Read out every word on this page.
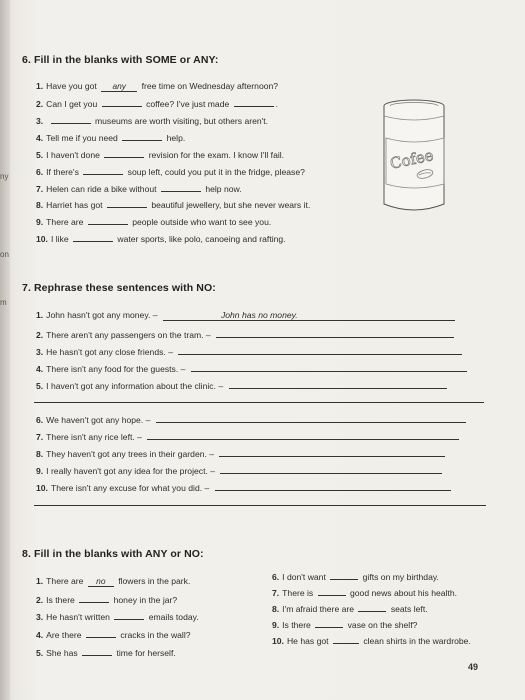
ny
on
m
6. Fill in the blanks with SOME or ANY:
1. Have you got any free time on Wednesday afternoon?
2. Can I get you	coffee? I've just made	.
3.	museums are worth visiting, but others aren't.
4. Tell me if you need	help.
5. I haven't done	revision for the exam. I know I'll fail.
6. If there's	soup left, could you put it in the fridge, please?
7. Helen can ride a bike without	help now.
8. Harriet has got	beautiful jewellery, but she never wears it.
9. There are	people outside who want to see you.
10. I like	water sports, like polo, canoeing and rafting.
Cofee
7. Rephrase these sentences with NO:
1. John hasn't got any money. –	John has no money.
2. There aren't any passengers on the tram. –
3. He hasn't got any close friends. –
4. There isn't any food for the guests. –
5. I haven't got any information about the clinic. –
6. We haven't got any hope. –
7. There isn't any rice left. –
8. They haven't got any trees in their garden. –
9. I really haven't got any idea for the project. –
10. There isn't any excuse for what you did. –
8. Fill in the blanks with ANY or NO:
1. There are no flowers in the park.
2. Is there	honey in the jar?
3. He hasn't written	emails today.
4. Are there	cracks in the wall?
5. She has	time for herself.
6. I don't want	gifts on my birthday.
7. There is	good news about his health.
8. I'm afraid there are	seats left.
9. Is there	vase on the shelf?
10. He has got	clean shirts in the wardrobe.
49
